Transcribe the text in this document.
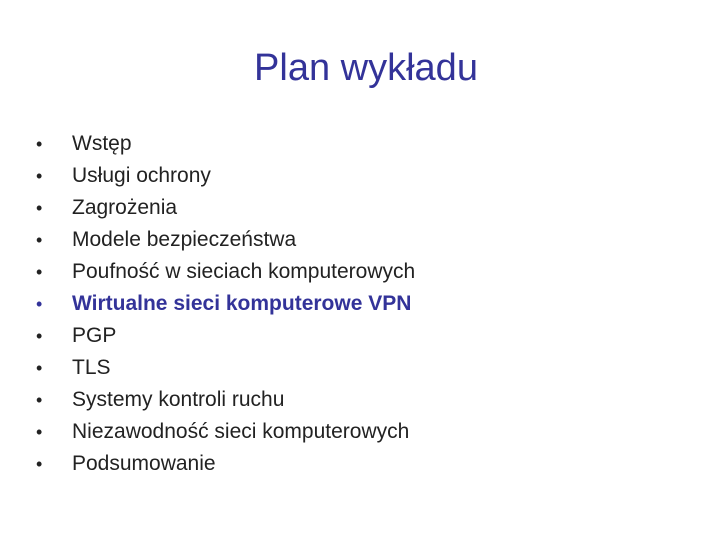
Plan wykładu
•	Wstęp
•	Usługi ochrony
•	Zagrożenia
•	Modele bezpieczeństwa
•	Poufność w sieciach komputerowych
•	Wirtualne sieci komputerowe VPN
•	PGP
•	TLS
•	Systemy kontroli ruchu
•	Niezawodność sieci komputerowych
•	Podsumowanie
